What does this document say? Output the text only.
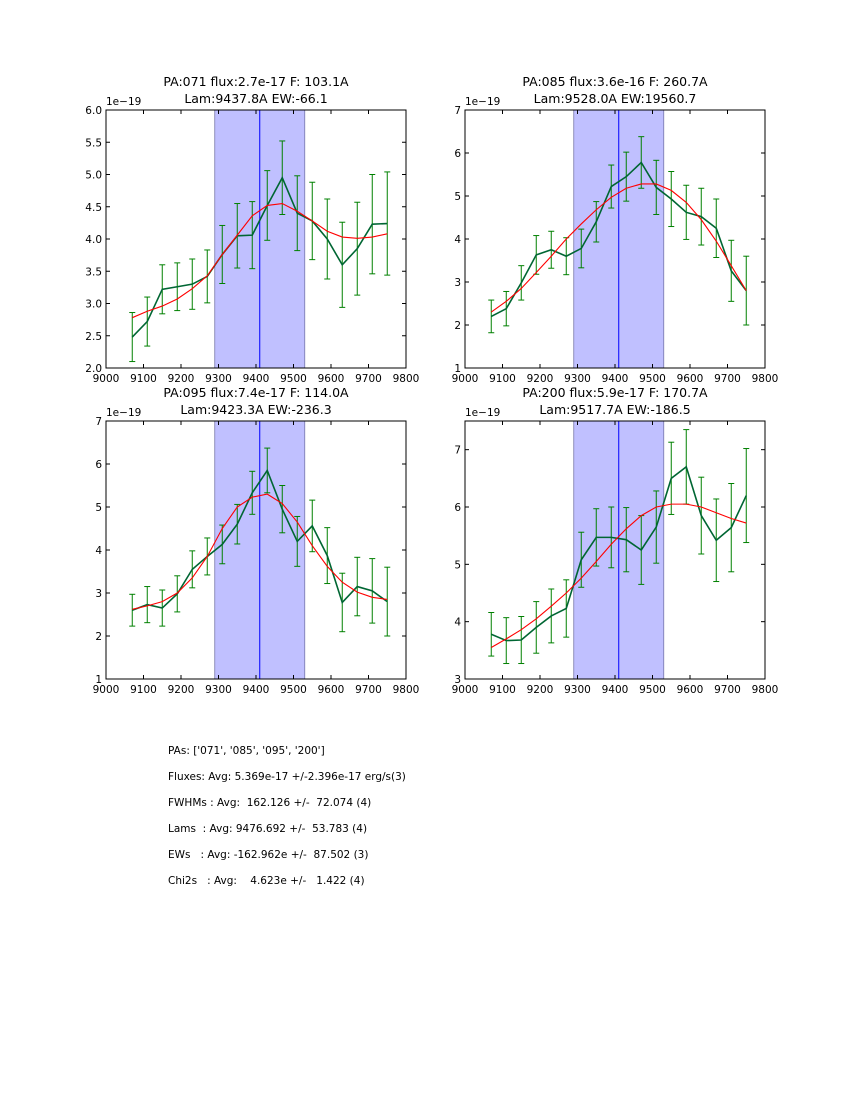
9000 9100 9200 9300 9400 9500 9600 9700 9800
2.0
2.5
3.0
3.5
4.0
4.5
5.0
5.5
6.0
1e−19
PA:071 flux:2.7e-17 F: 103.1A
Lam:9437.8A EW:-66.1
9000 9100 9200 9300 9400 9500 9600 9700 9800
1
2
3
4
5
6
7
1e−19
PA:085 flux:3.6e-16 F: 260.7A
Lam:9528.0A EW:19560.7
9000 9100 9200 9300 9400 9500 9600 9700 9800
1
2
3
4
5
6
7
1e−19
PA:095 flux:7.4e-17 F: 114.0A
Lam:9423.3A EW:-236.3
9000 9100 9200 9300 9400 9500 9600 9700 9800
3
4
5
6
7
1e−19
PA:200 flux:5.9e-17 F: 170.7A
Lam:9517.7A EW:-186.5
PAs: ['071', '085', '095', '200']
Fluxes: Avg: 5.369e-17 +/-2.396e-17 erg/s(3)
FWHMs : Avg:  162.126 +/-  72.074 (4)
Lams  : Avg: 9476.692 +/-  53.783 (4)
EWs   : Avg: -162.962e +/-  87.502 (3)
Chi2s   : Avg:    4.623e +/-   1.422 (4)
